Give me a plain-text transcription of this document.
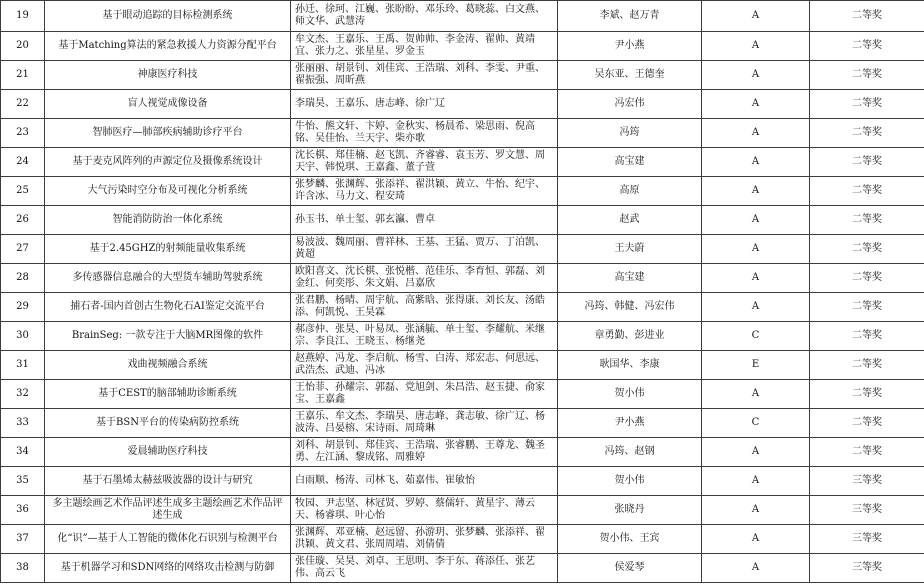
19	基于眼动追踪的目标检测系统	孙迁、徐珂、江巍、张盼盼、邓乐玲、葛晓蕊、白文燕、师文华、武慧涛	李斌、赵万青	A	二等奖
20	基于Matching算法的紧急救援人力资源分配平台	牟文杰、王嘉乐、王禹、贺帅帅、李金涛、翟帅、黄靖宜、张力之、张星星、罗金玉	尹小燕	A	二等奖
21	神康医疗科技	张丽丽、胡景钊、刘佳宾、王浩瑞、刘科、李雯、尹重、翟振强、周昕燕	吴东亚、王德奎	A	二等奖
22	盲人视觉成像设备	李瑞昊、王嘉乐、唐志峰、徐广辽	冯宏伟	A	二等奖
23	智肺医疗—肺部疾病辅助诊疗平台	牛怡、熊文轩、卞婷、金秋实、杨晨希、梁思雨、倪高铭、吴佳怡、兰天宇、柴亦歌	冯筠	A	二等奖
24	基于麦克风阵列的声源定位及摄像系统设计	沈长棋、郑佳楠、赵飞凯、齐睿睿、袁玉芳、罗文慧、周天宇、韩悦琪、王嘉鑫、董子萱	高宝建	A	二等奖
25	大气污染时空分布及可视化分析系统	张梦麟、张渊辉、张添祥、翟洪颖、黄立、牛怡、纪宇、许含冰、马力文、程安琦	高原	A	二等奖
26	智能消防防治一体化系统	孙玉书、单士玺、郭玄瀛、曹卓	赵武	A	二等奖
27	基于2.45GHZ的射频能量收集系统	易波波、魏周丽、曹祥林、王基、王猛、贾万、丁泊凯、黄超	王夫蔚	A	二等奖
28	多传感器信息融合的大型货车辅助驾驶系统	欧阳喜文、沈长棋、张悦楷、范佳乐、李育恒、郭磊、刘金红、何奕彤、朱文娟、吕嘉欣	高宝建	A	二等奖
29	捕石者-国内首创古生物化石AI鉴定交流平台	张君鹏、杨晴、周宇航、高紫晗、张得康、刘长友、汤皓添、何凯悦、王昊霖	冯筠、韩健、冯宏伟	A	二等奖
30	BrainSeg: 一款专注于大脑MR图像的软件	郝彦仲、张昊、叶易凤、张涵毓、单士玺、李耀航、米继宗、李良江、王晓玉、杨继尧	章勇勤、彭进业	C	二等奖
31	戏曲视频融合系统	赵燕婷、冯龙、李启航、杨雪、白涛、郑宏志、何思远、武浩杰、武迪、冯冰	耿国华、李康	E	二等奖
32	基于CEST的脑部辅助诊断系统	王怡菲、孙耀宗、郭磊、党旭剑、朱昌浩、赵玉捷、俞家宝、王嘉鑫	贺小伟	A	二等奖
33	基于BSN平台的传染病防控系统	王嘉乐、牟文杰、李瑞昊、唐志峰、龚志敏、徐广辽、杨波涛、吕晏榕、宋诗雨、周琦琳	尹小燕	C	二等奖
34	爱晨辅助医疗科技	刘科、胡景钊、郑佳宾、王浩瑞、张睿鹏、王尊龙、魏圣勇、左江涵、黎成铭、周雅婷	冯筠、赵钢	A	二等奖
35	基于石墨烯太赫兹吸波器的设计与研究	白雨顺、杨涛、司林飞、茹嘉伟、崔敏怡	贺小伟	A	三等奖
36	多主题绘画艺术作品评述生成多主题绘画艺术作品评述生成	牧园、尹志坚、林冠贤、罗婷、蔡儒轩、黄星宇、薄云天、杨睿琪、叶心怡	张晓丹	A	三等奖
37	化“识”—基于人工智能的微体化石识别与检测平台	张渊辉、邓亚楠、赵远留、孙游玥、张梦麟、张添祥、翟洪颖、黄文君、张周周靖、刘倩倩	贺小伟、王宾	A	三等奖
38	基于机器学习和SDN网络的网络攻击检测与防御	张佳璇、吴昊、刘卓、王思明、李于东、蒋添任、张艺伟、高云飞	侯爱琴	A	三等奖
